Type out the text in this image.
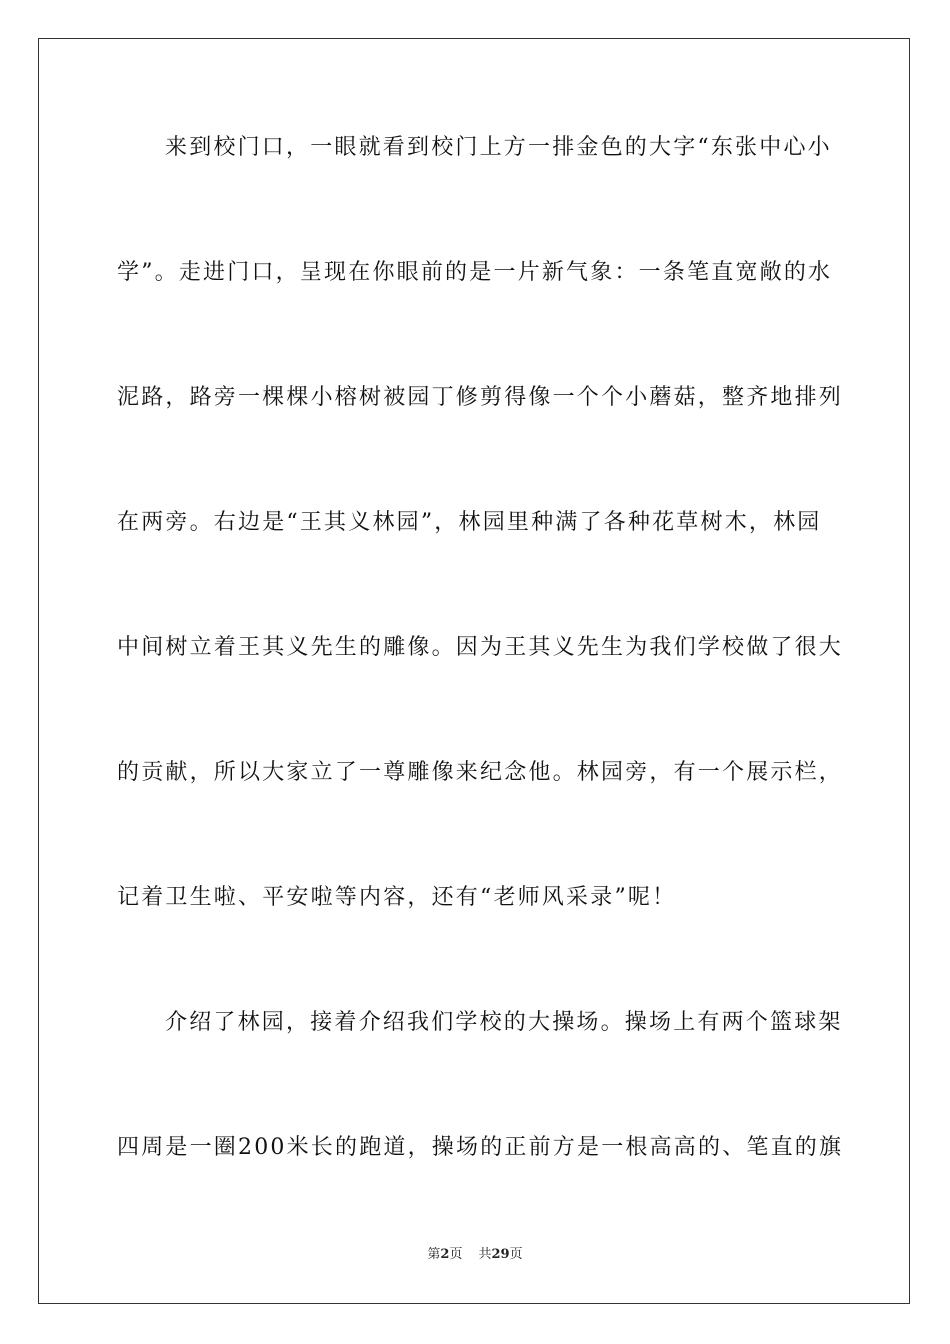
来到校门口，一眼就看到校门上方一排金色的大字“东张中心小
学”。走进门口，呈现在你眼前的是一片新气象：一条笔直宽敞的水
泥路，路旁一棵棵小榕树被园丁修剪得像一个个小蘑菇，整齐地排列
在两旁。右边是“王其义林园”，林园里种满了各种花草树木，林园
中间树立着王其义先生的雕像。因为王其义先生为我们学校做了很大
的贡献，所以大家立了一尊雕像来纪念他。林园旁，有一个展示栏，
记着卫生啦、平安啦等内容，还有“老师风采录”呢！
介绍了林园，接着介绍我们学校的大操场。操场上有两个篮球架
四周是一圈200米长的跑道，操场的正前方是一根高高的、笔直的旗
第2页 共29页
